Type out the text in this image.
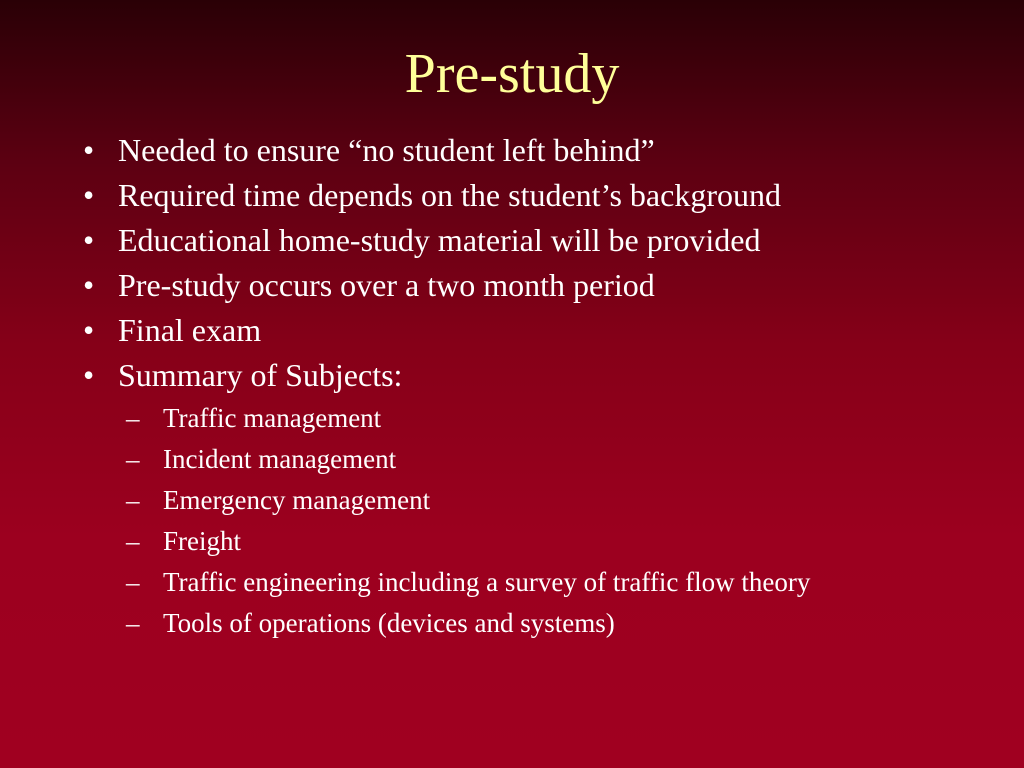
Pre-study
• Needed to ensure “no student left behind”
• Required time depends on the student’s background
• Educational home-study material will be provided
• Pre-study occurs over a two month period
• Final exam
• Summary of Subjects:
– Traffic management
– Incident management
– Emergency management
– Freight
– Traffic engineering including a survey of traffic flow theory
– Tools of operations (devices and systems)
